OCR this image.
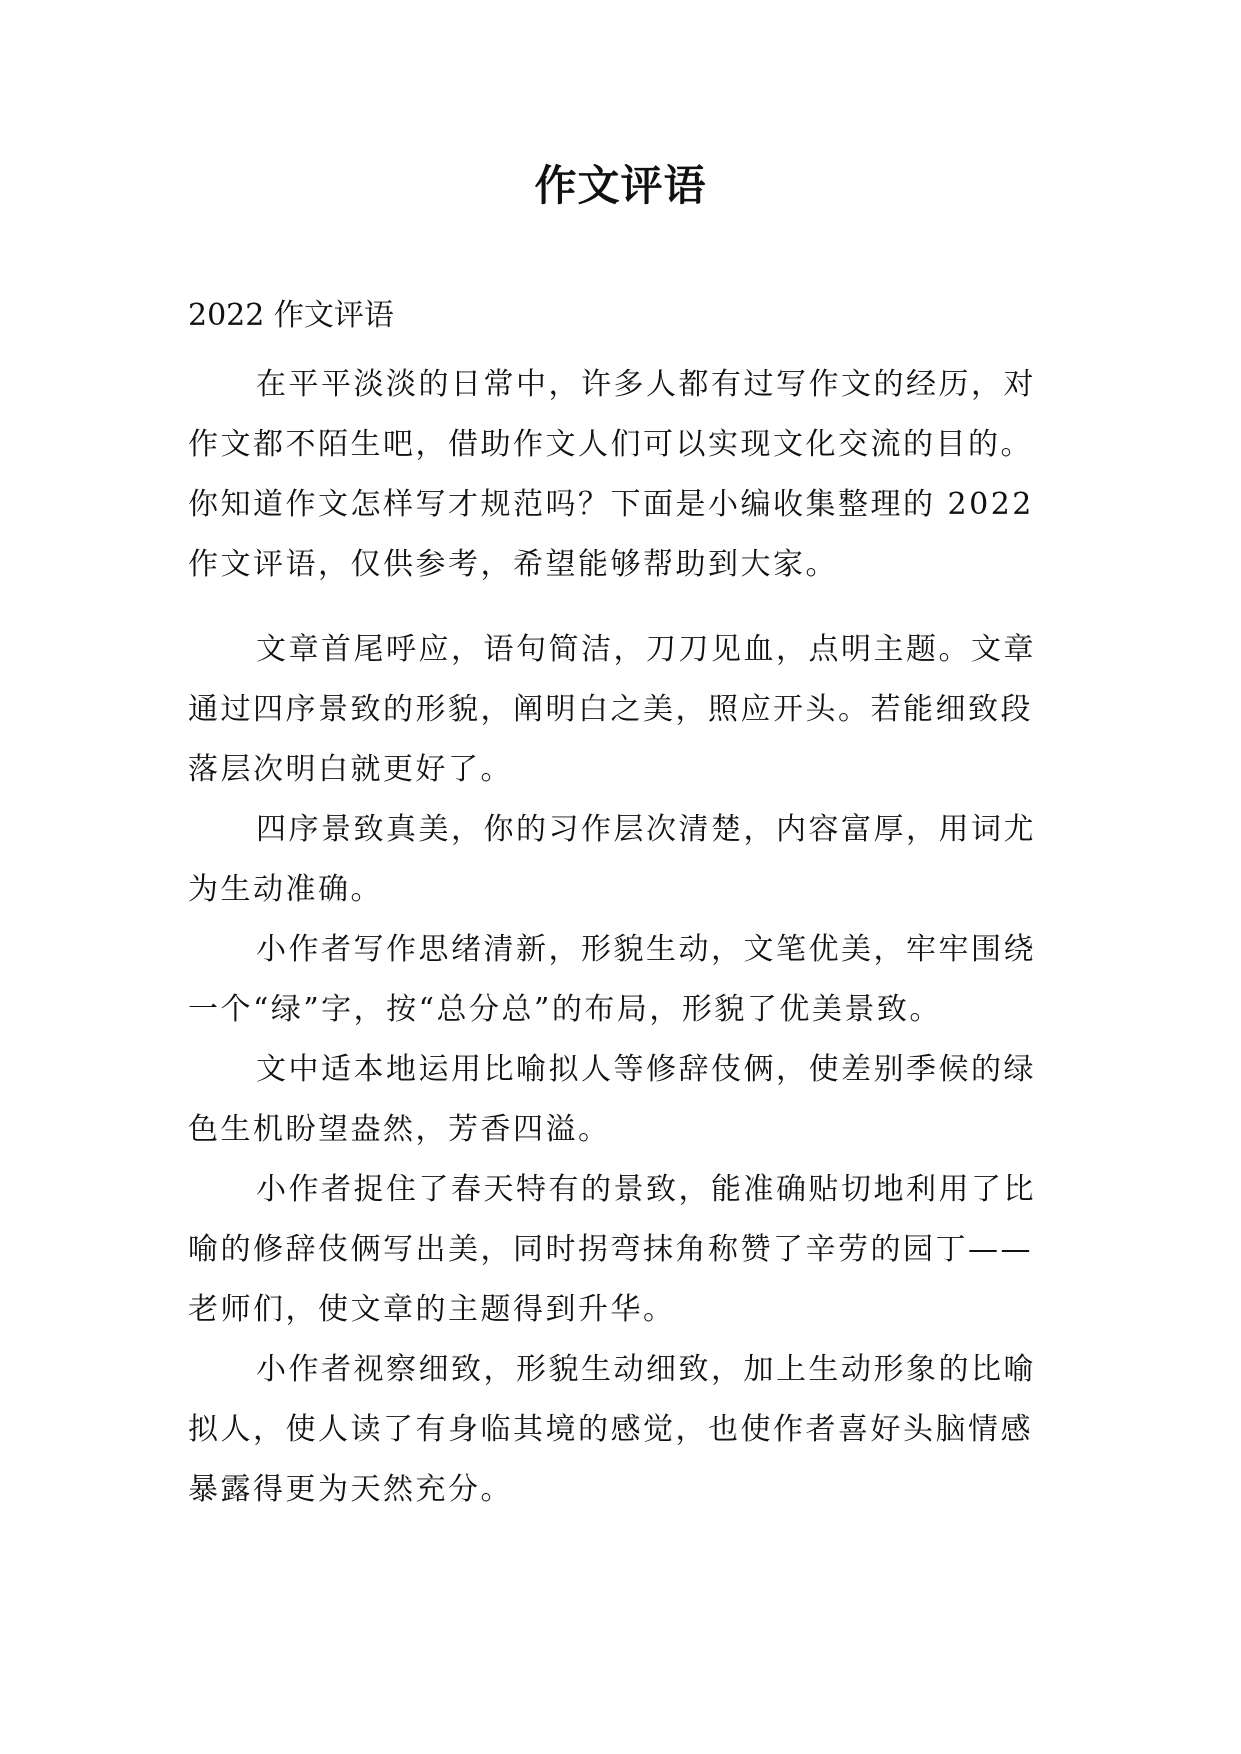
作文评语
2022 作文评语
在平平淡淡的日常中，许多人都有过写作文的经历，对
作文都不陌生吧，借助作文人们可以实现文化交流的目的。
你知道作文怎样写才规范吗？下面是小编收集整理的 2022
作文评语，仅供参考，希望能够帮助到大家。
文章首尾呼应，语句简洁，刀刀见血，点明主题。文章
通过四序景致的形貌，阐明白之美，照应开头。若能细致段
落层次明白就更好了。
四序景致真美，你的习作层次清楚，内容富厚，用词尤
为生动准确。
小作者写作思绪清新，形貌生动，文笔优美，牢牢围绕
一个“绿”字，按“总分总”的布局，形貌了优美景致。
文中适本地运用比喻拟人等修辞伎俩，使差别季候的绿
色生机盼望盎然，芳香四溢。
小作者捉住了春天特有的景致，能准确贴切地利用了比
喻的修辞伎俩写出美，同时拐弯抹角称赞了辛劳的园丁——
老师们，使文章的主题得到升华。
小作者视察细致，形貌生动细致，加上生动形象的比喻
拟人，使人读了有身临其境的感觉，也使作者喜好头脑情感
暴露得更为天然充分。
